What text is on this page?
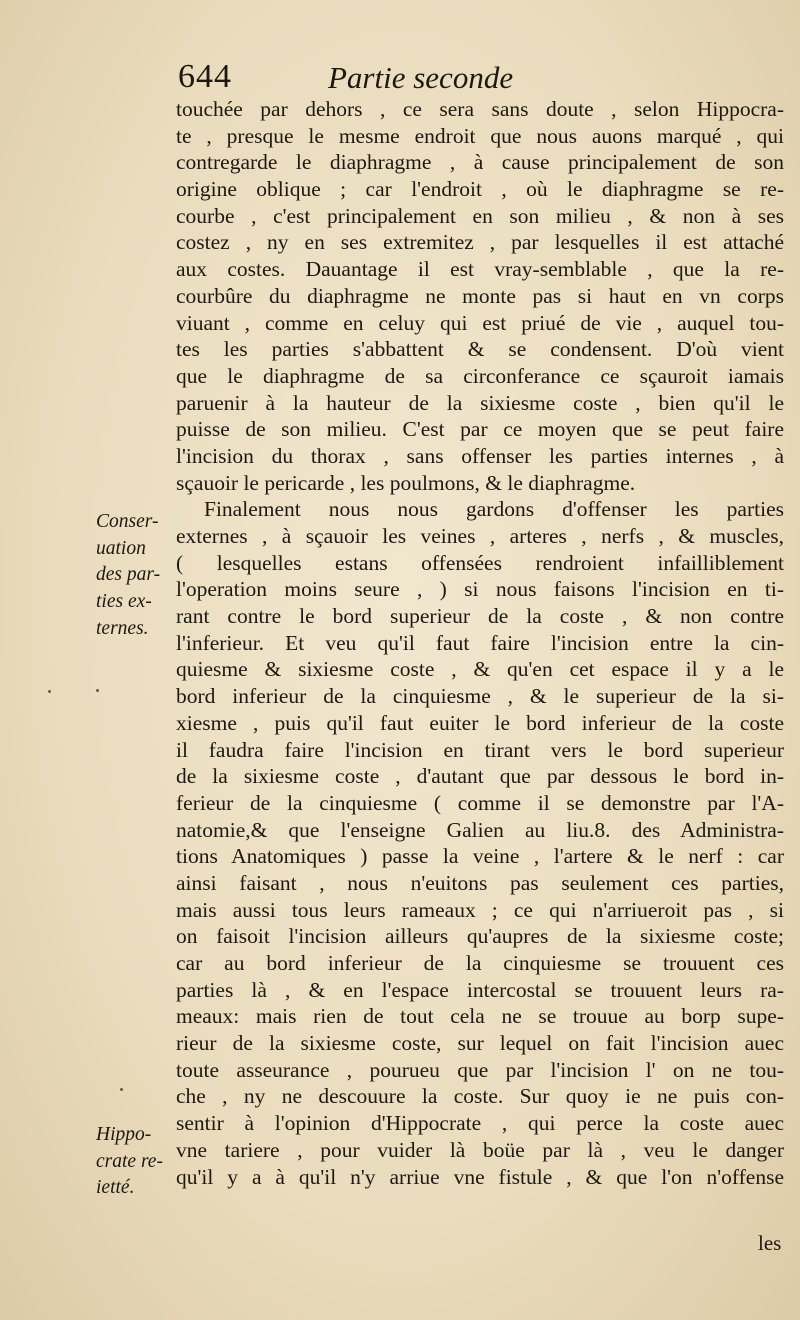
644	Partie seconde
touchée par dehors , ce sera sans doute , selon Hippocra-
te , presque le mesme endroit que nous auons marqué , qui
contregarde le diaphragme , à cause principalement de son
origine oblique ; car l'endroit , où le diaphragme se re-
courbe , c'est principalement en son milieu , & non à ses
costez , ny en ses extremitez , par lesquelles il est attaché
aux costes. Dauantage il est vray-semblable , que la re-
courbûre du diaphragme ne monte pas si haut en vn corps
viuant , comme en celuy qui est priué de vie , auquel tou-
tes les parties s'abbattent & se condensent. D'où vient
que le diaphragme de sa circonferance ce sçauroit iamais
paruenir à la hauteur de la sixiesme coste , bien qu'il le
puisse de son milieu. C'est par ce moyen que se peut faire
l'incision du thorax , sans offenser les parties internes , à
sçauoir le pericarde , les poulmons, & le diaphragme.
Finalement nous nous gardons d'offenser les parties
externes , à sçauoir les veines , arteres , nerfs , & muscles,
( lesquelles estans offensées rendroient infailliblement
l'operation moins seure , ) si nous faisons l'incision en ti-
rant contre le bord superieur de la coste , & non contre
l'inferieur. Et veu qu'il faut faire l'incision entre la cin-
quiesme & sixiesme coste , & qu'en cet espace il y a le
bord inferieur de la cinquiesme , & le superieur de la si-
xiesme , puis qu'il faut euiter le bord inferieur de la coste
il faudra faire l'incision en tirant vers le bord superieur
de la sixiesme coste , d'autant que par dessous le bord in-
ferieur de la cinquiesme ( comme il se demonstre par l'A-
natomie,& que l'enseigne Galien au liu.8. des Administra-
tions Anatomiques ) passe la veine , l'artere & le nerf : car
ainsi faisant , nous n'euitons pas seulement ces parties,
mais aussi tous leurs rameaux ; ce qui n'arriueroit pas , si
on faisoit l'incision ailleurs qu'aupres de la sixiesme coste;
car au bord inferieur de la cinquiesme se trouuent ces
parties là , & en l'espace intercostal se trouuent leurs ra-
meaux: mais rien de tout cela ne se trouue au borp supe-
rieur de la sixiesme coste, sur lequel on fait l'incision auec
toute asseurance , pourueu que par l'incision l' on ne tou-
che , ny ne descouure la coste. Sur quoy ie ne puis con-
sentir à l'opinion d'Hippocrate , qui perce la coste auec
vne tariere , pour vuider là boüe par là , veu le danger
qu'il y a à qu'il n'y arriue vne fistule , & que l'on n'offense
Conser-
uation
des par-
ties ex-
ternes.
Hippo-
crate re-
ietté.
les
